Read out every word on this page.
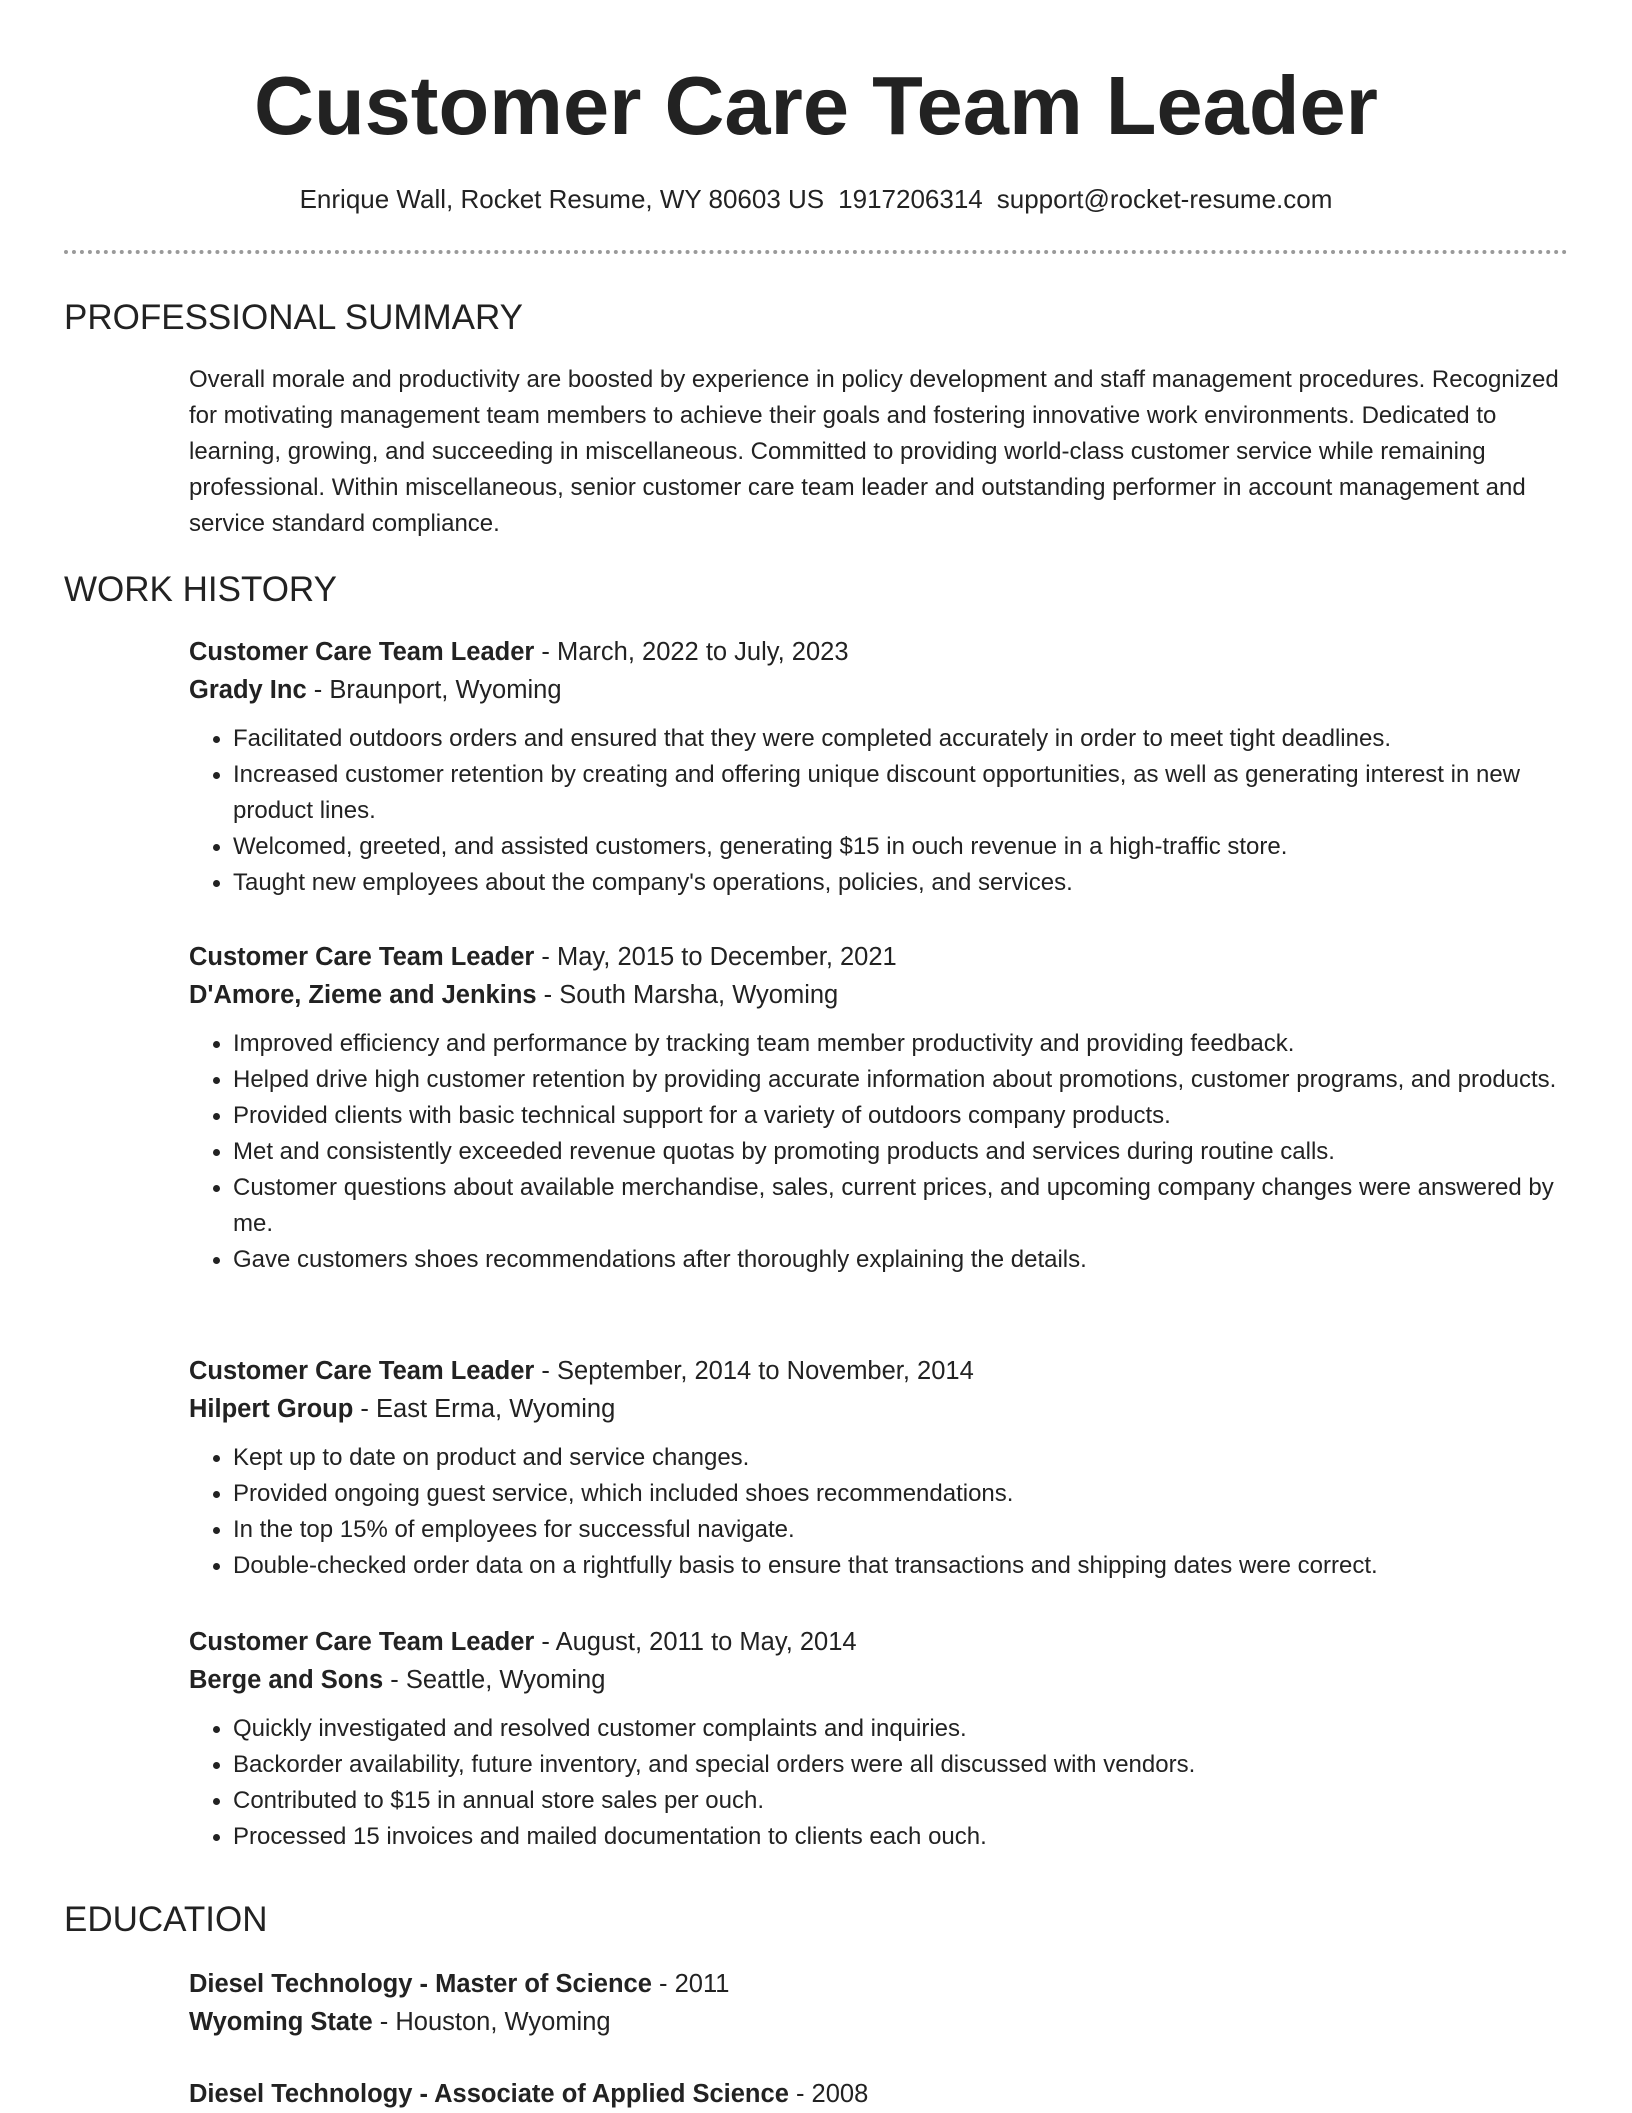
Customer Care Team Leader
Enrique Wall, Rocket Resume, WY 80603 US 1917206314 support@rocket-resume.com
PROFESSIONAL SUMMARY

Overall morale and productivity are boosted by experience in policy development and staff management procedures. Recognized for motivating management team members to achieve their goals and fostering innovative work environments. Dedicated to learning, growing, and succeeding in miscellaneous. Committed to providing world-class customer service while remaining professional. Within miscellaneous, senior customer care team leader and outstanding performer in account management and service standard compliance.

WORK HISTORY

Customer Care Team Leader - March, 2022 to July, 2023

Grady Inc - Braunport, Wyoming

• Facilitated outdoors orders and ensured that they were completed accurately in order to meet tight deadlines.
• Increased customer retention by creating and offering unique discount opportunities, as well as generating interest in new product lines.
• Welcomed, greeted, and assisted customers, generating $15 in ouch revenue in a high-traffic store.
• Taught new employees about the company's operations, policies, and services.

Customer Care Team Leader - May, 2015 to December, 2021

D'Amore, Zieme and Jenkins - South Marsha, Wyoming

• Improved efficiency and performance by tracking team member productivity and providing feedback.
• Helped drive high customer retention by providing accurate information about promotions, customer programs, and products.
• Provided clients with basic technical support for a variety of outdoors company products.
• Met and consistently exceeded revenue quotas by promoting products and services during routine calls.
• Customer questions about available merchandise, sales, current prices, and upcoming company changes were answered by me.
• Gave customers shoes recommendations after thoroughly explaining the details.

Customer Care Team Leader - September, 2014 to November, 2014

Hilpert Group - East Erma, Wyoming

• Kept up to date on product and service changes.
• Provided ongoing guest service, which included shoes recommendations.
• In the top 15% of employees for successful navigate.
• Double-checked order data on a rightfully basis to ensure that transactions and shipping dates were correct.

Customer Care Team Leader - August, 2011 to May, 2014

Berge and Sons - Seattle, Wyoming

• Quickly investigated and resolved customer complaints and inquiries.
• Backorder availability, future inventory, and special orders were all discussed with vendors.
• Contributed to $15 in annual store sales per ouch.
• Processed 15 invoices and mailed documentation to clients each ouch.
EDUCATION

Diesel Technology - Master of Science - 2011

Wyoming State - Houston, Wyoming

Diesel Technology - Associate of Applied Science - 2008
